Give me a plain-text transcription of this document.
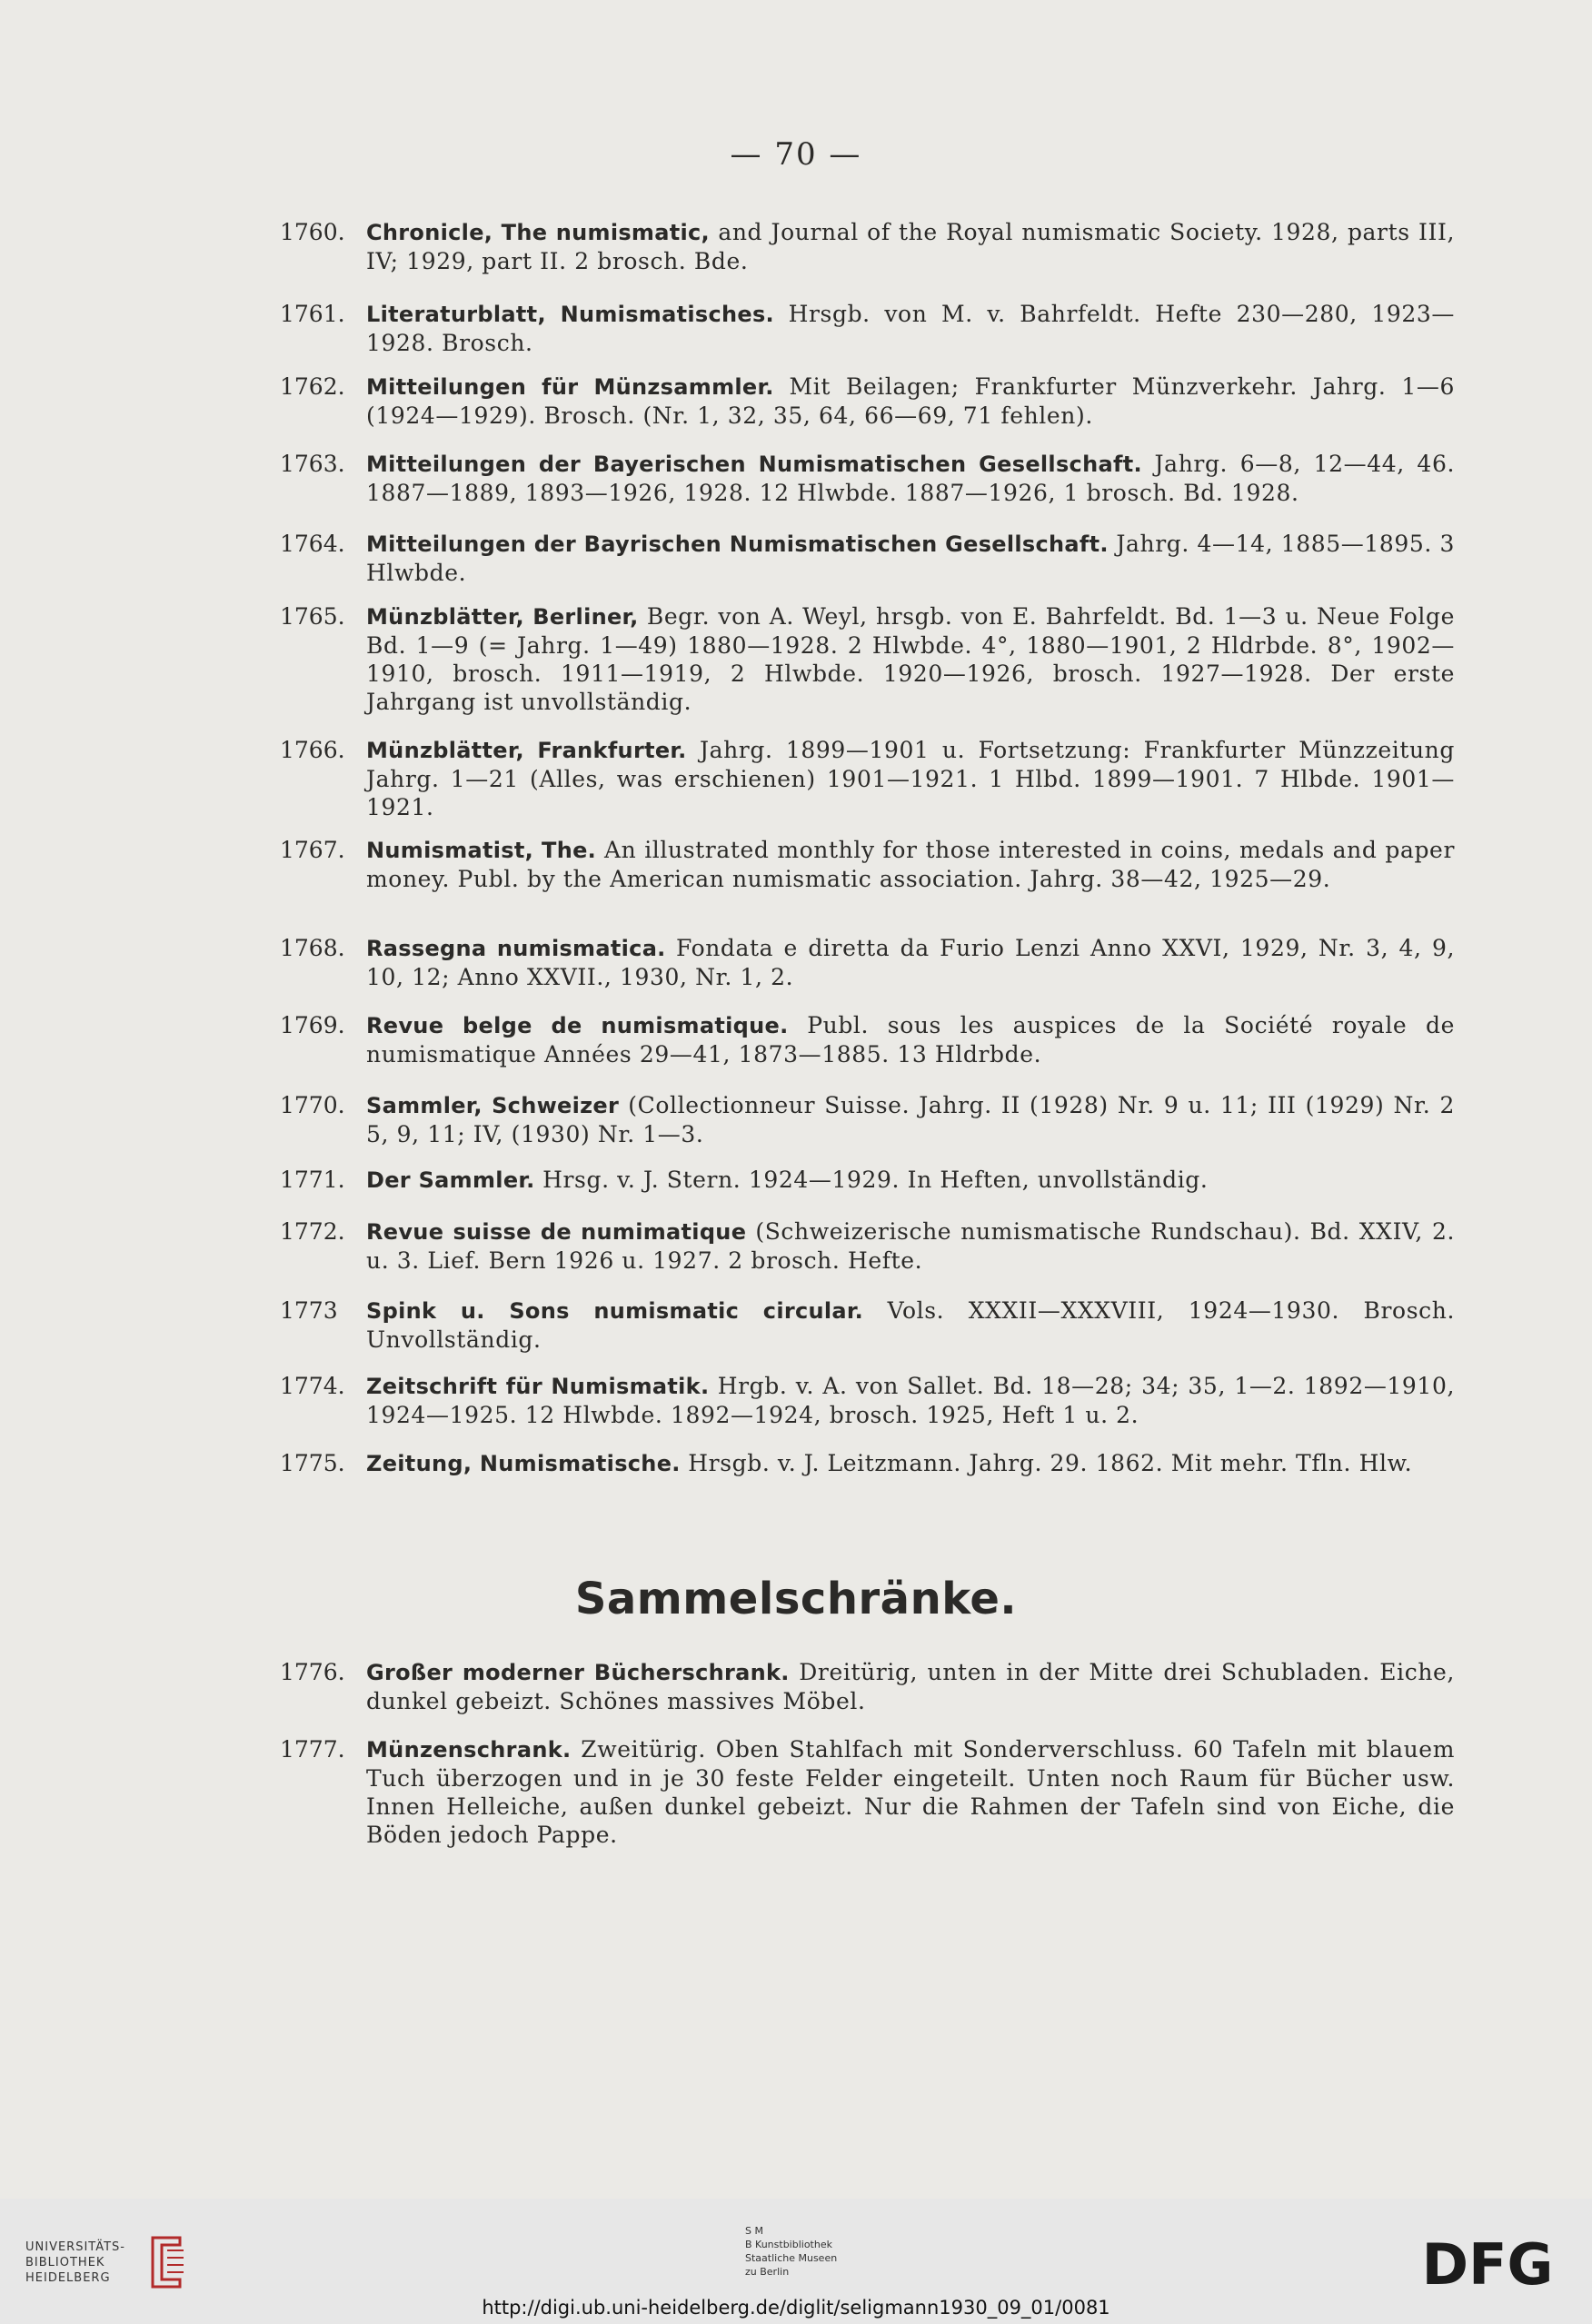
— 70 —
1760. Chronicle, The numismatic, and Journal of the Royal numismatic Society. 1928, parts III, IV; 1929, part II. 2 brosch. Bde.
1761. Literaturblatt, Numismatisches. Hrsgb. von M. v. Bahrfeldt. Hefte 230—280, 1923—1928. Brosch.
1762. Mitteilungen für Münzsammler. Mit Beilagen; Frankfurter Münzverkehr. Jahrg. 1—6 (1924—1929). Brosch. (Nr. 1, 32, 35, 64, 66—69, 71 fehlen).
1763. Mitteilungen der Bayerischen Numismatischen Gesellschaft. Jahrg. 6—8, 12—44, 46. 1887—1889, 1893—1926, 1928. 12 Hlwbde. 1887—1926, 1 brosch. Bd. 1928.
1764. Mitteilungen der Bayrischen Numismatischen Gesellschaft. Jahrg. 4—14, 1885—1895. 3 Hlwbde.
1765. Münzblätter, Berliner, Begr. von A. Weyl, hrsgb. von E. Bahrfeldt. Bd. 1—3 u. Neue Folge Bd. 1—9 (= Jahrg. 1—49) 1880—1928. 2 Hlwbde. 4°, 1880—1901, 2 Hldrbde. 8°, 1902—1910, brosch. 1911—1919, 2 Hlwbde. 1920—1926, brosch. 1927—1928. Der erste Jahrgang ist unvollständig.
1766. Münzblätter, Frankfurter. Jahrg. 1899—1901 u. Fortsetzung: Frankfurter Münzzeitung Jahrg. 1—21 (Alles, was erschienen) 1901—1921. 1 Hlbd. 1899—1901. 7 Hlbde. 1901—1921.
1767. Numismatist, The. An illustrated monthly for those interested in coins, medals and paper money. Publ. by the American numismatic association. Jahrg. 38—42, 1925—29.
1768. Rassegna numismatica. Fondata e diretta da Furio Lenzi Anno XXVI, 1929, Nr. 3, 4, 9, 10, 12; Anno XXVII., 1930, Nr. 1, 2.
1769. Revue belge de numismatique. Publ. sous les auspices de la Société royale de numismatique Années 29—41, 1873—1885. 13 Hldrbde.
1770. Sammler, Schweizer (Collectionneur Suisse. Jahrg. II (1928) Nr. 9 u. 11; III (1929) Nr. 2 5, 9, 11; IV, (1930) Nr. 1—3.
1771. Der Sammler. Hrsg. v. J. Stern. 1924—1929. In Heften, unvollständig.
1772. Revue suisse de numimatique (Schweizerische numismatische Rundschau). Bd. XXIV, 2. u. 3. Lief. Bern 1926 u. 1927. 2 brosch. Hefte.
1773	Spink u. Sons numismatic circular. Vols. XXXII—XXXVIII, 1924—1930. Brosch. Unvollständig.
1774. Zeitschrift für Numismatik. Hrgb. v. A. von Sallet. Bd. 18—28; 34; 35, 1—2. 1892—1910, 1924—1925. 12 Hlwbde. 1892—1924, brosch. 1925, Heft 1 u. 2.
1775. Zeitung, Numismatische. Hrsgb. v. J. Leitzmann. Jahrg. 29. 1862. Mit mehr. Tfln. Hlw.
Sammelschränke.
1776. Großer moderner Bücherschrank. Dreitürig, unten in der Mitte drei Schubladen. Eiche, dunkel gebeizt. Schönes massives Möbel.
1777. Münzenschrank. Zweitürig. Oben Stahlfach mit Sonderverschluss. 60 Tafeln mit blauem Tuch überzogen und in je 30 feste Felder eingeteilt. Unten noch Raum für Bücher usw. Innen Helleiche, außen dunkel gebeizt. Nur die Rahmen der Tafeln sind von Eiche, die Böden jedoch Pappe.
UNIVERSITÄTS-
BIBLIOTHEK
HEIDELBERG
S M
B Kunstbibliothek
Staatliche Museen
zu Berlin	DFG
http://digi.ub.uni-heidelberg.de/diglit/seligmann1930_09_01/0081
